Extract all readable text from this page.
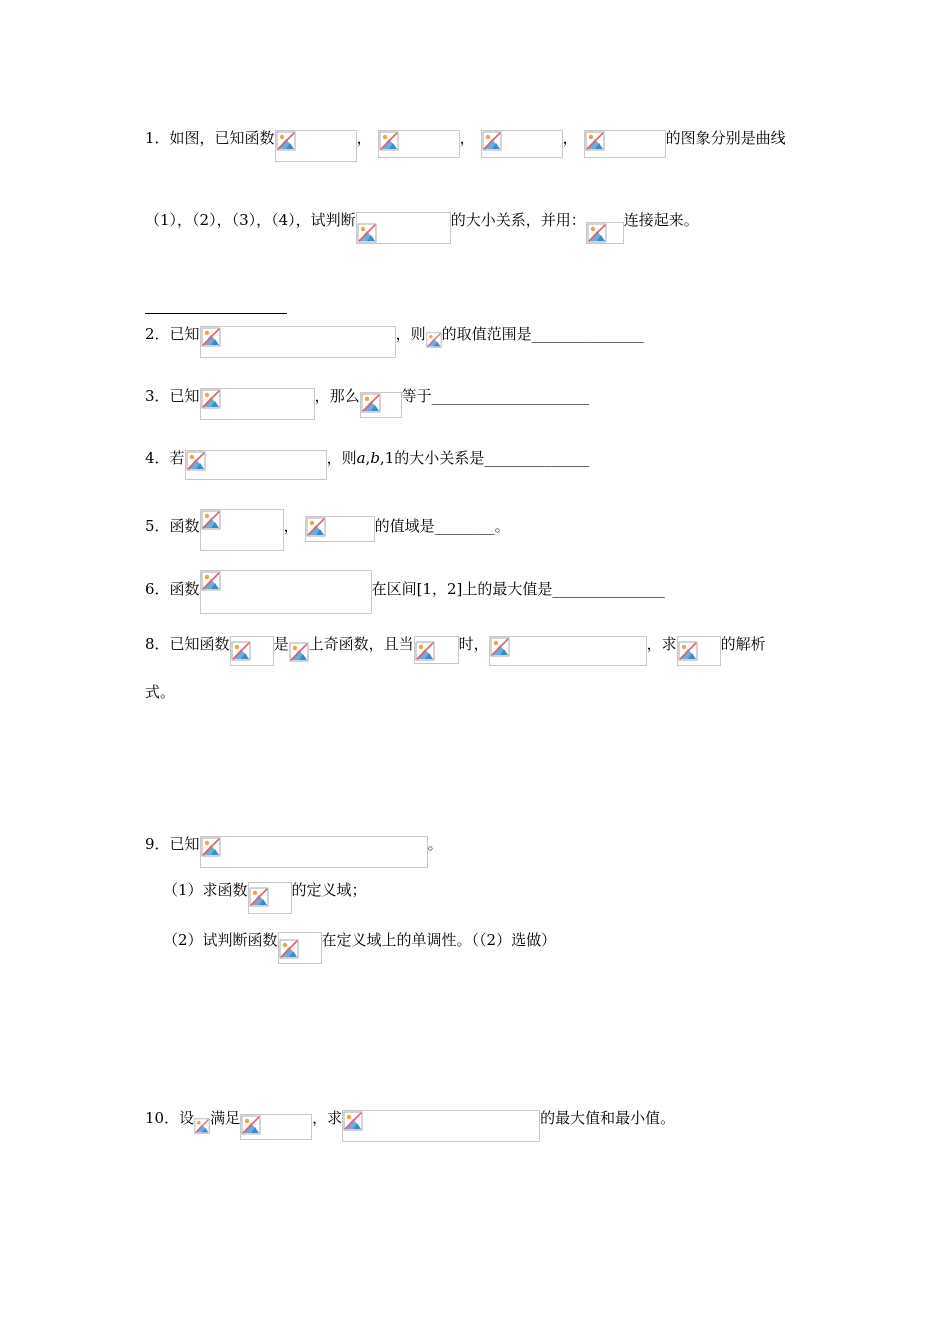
1． 如图，已知函数	，	，	，	的图象分别是曲线
（1），（2），（3），（4），试判断	的大小关系，并用：	连接起来。
2． 已知	，则 的取值范围是 _______________
3． 已知	，那么	等于 _____________________
4． 若	，则 a , b ,1的大小关系是 ______________
5． 函数	，	的值域是 ________ 。
6． 函数	在区间[1，2]上的最大值是 _______________
8． 已知函数	是 上奇函数，且当	时，	，求	的解析
式。
9． 已知	。
（1）求函数	的定义域；
（2）试判断函数	在定义域上的单调性。（（2）选做）
10． 设 满足	，求	的最大值和最小值。
